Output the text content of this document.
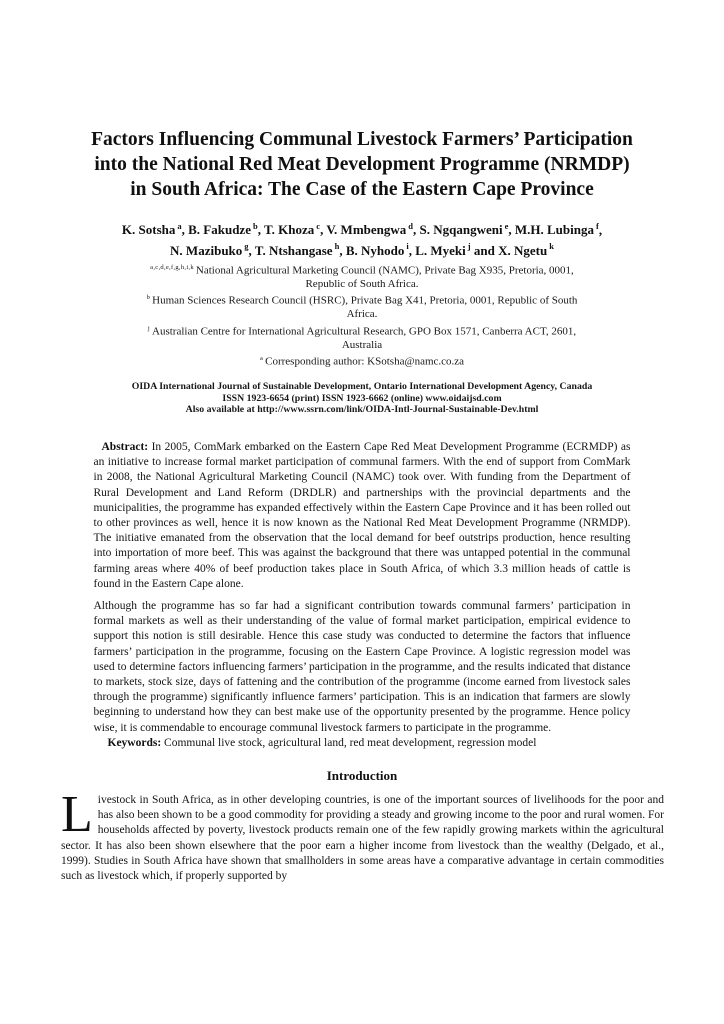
Factors Influencing Communal Livestock Farmers’ Participation into the National Red Meat Development Programme (NRMDP) in South Africa: The Case of the Eastern Cape Province
K. Sotsha $^a$, B. Fakudze $^b$, T. Khoza $^c$, V. Mmbengwa $^d$, S. Ngqangweni $^e$, M.H. Lubinga $^f$,
N. Mazibuko $^g$, T. Ntshangase $^h$, B. Nyhodo $^i$, L. Myeki $^j$ and X. Ngetu $^k$
$^{a,c,d,e,f,g,h,i,k}$ National Agricultural Marketing Council (NAMC), Private Bag X935, Pretoria, 0001, Republic of South Africa.
$^b$ Human Sciences Research Council (HSRC), Private Bag X41, Pretoria, 0001, Republic of South Africa.
$^j$ Australian Centre for International Agricultural Research, GPO Box 1571, Canberra ACT, 2601, Australia
$^a$ Corresponding author: KSotsha@namc.co.za
OIDA International Journal of Sustainable Development, Ontario International Development Agency, Canada
ISSN 1923-6654 (print) ISSN 1923-6662 (online) www.oidaijsd.com
Also available at http://www.ssrn.com/link/OIDA-Intl-Journal-Sustainable-Dev.html

Abstract: In 2005, ComMark embarked on the Eastern Cape Red Meat Development Programme (ECRMDP) as an initiative to increase formal market participation of communal farmers. With the end of support from ComMark in 2008, the National Agricultural Marketing Council (NAMC) took over. With funding from the Department of Rural Development and Land Reform (DRDLR) and partnerships with the provincial departments and the municipalities, the programme has expanded effectively within the Eastern Cape Province and it has been rolled out to other provinces as well, hence it is now known as the National Red Meat Development Programme (NRMDP). The initiative emanated from the observation that the local demand for beef outstrips production, hence resulting into importation of more beef. This was against the background that there was untapped potential in the communal farming areas where 40% of beef production takes place in South Africa, of which 3.3 million heads of cattle is found in the Eastern Cape alone.

Although the programme has so far had a significant contribution towards communal farmers’ participation in formal markets as well as their understanding of the value of formal market participation, empirical evidence to support this notion is still desirable. Hence this case study was conducted to determine the factors that influence farmers’ participation in the programme, focusing on the Eastern Cape Province. A logistic regression model was used to determine factors influencing farmers’ participation in the programme, and the results indicated that distance to markets, stock size, days of fattening and the contribution of the programme (income earned from livestock sales through the programme) significantly influence farmers’ participation. This is an indication that farmers are slowly beginning to understand how they can best make use of the opportunity presented by the programme. Hence policy wise, it is commendable to encourage communal livestock farmers to participate in the programme.

Keywords: Communal live stock, agricultural land, red meat development, regression model

Introduction

Livestock in South Africa, as in other developing countries, is one of the important sources of livelihoods for the poor and has also been shown to be a good commodity for providing a steady and growing income to the poor and rural women. For households affected by poverty, livestock products remain one of the few rapidly growing markets within the agricultural sector. It has also been shown elsewhere that the poor earn a higher income from livestock than the wealthy (Delgado, et al., 1999). Studies in South Africa have shown that smallholders in some areas have a comparative advantage in certain commodities such as livestock which, if properly supported by
